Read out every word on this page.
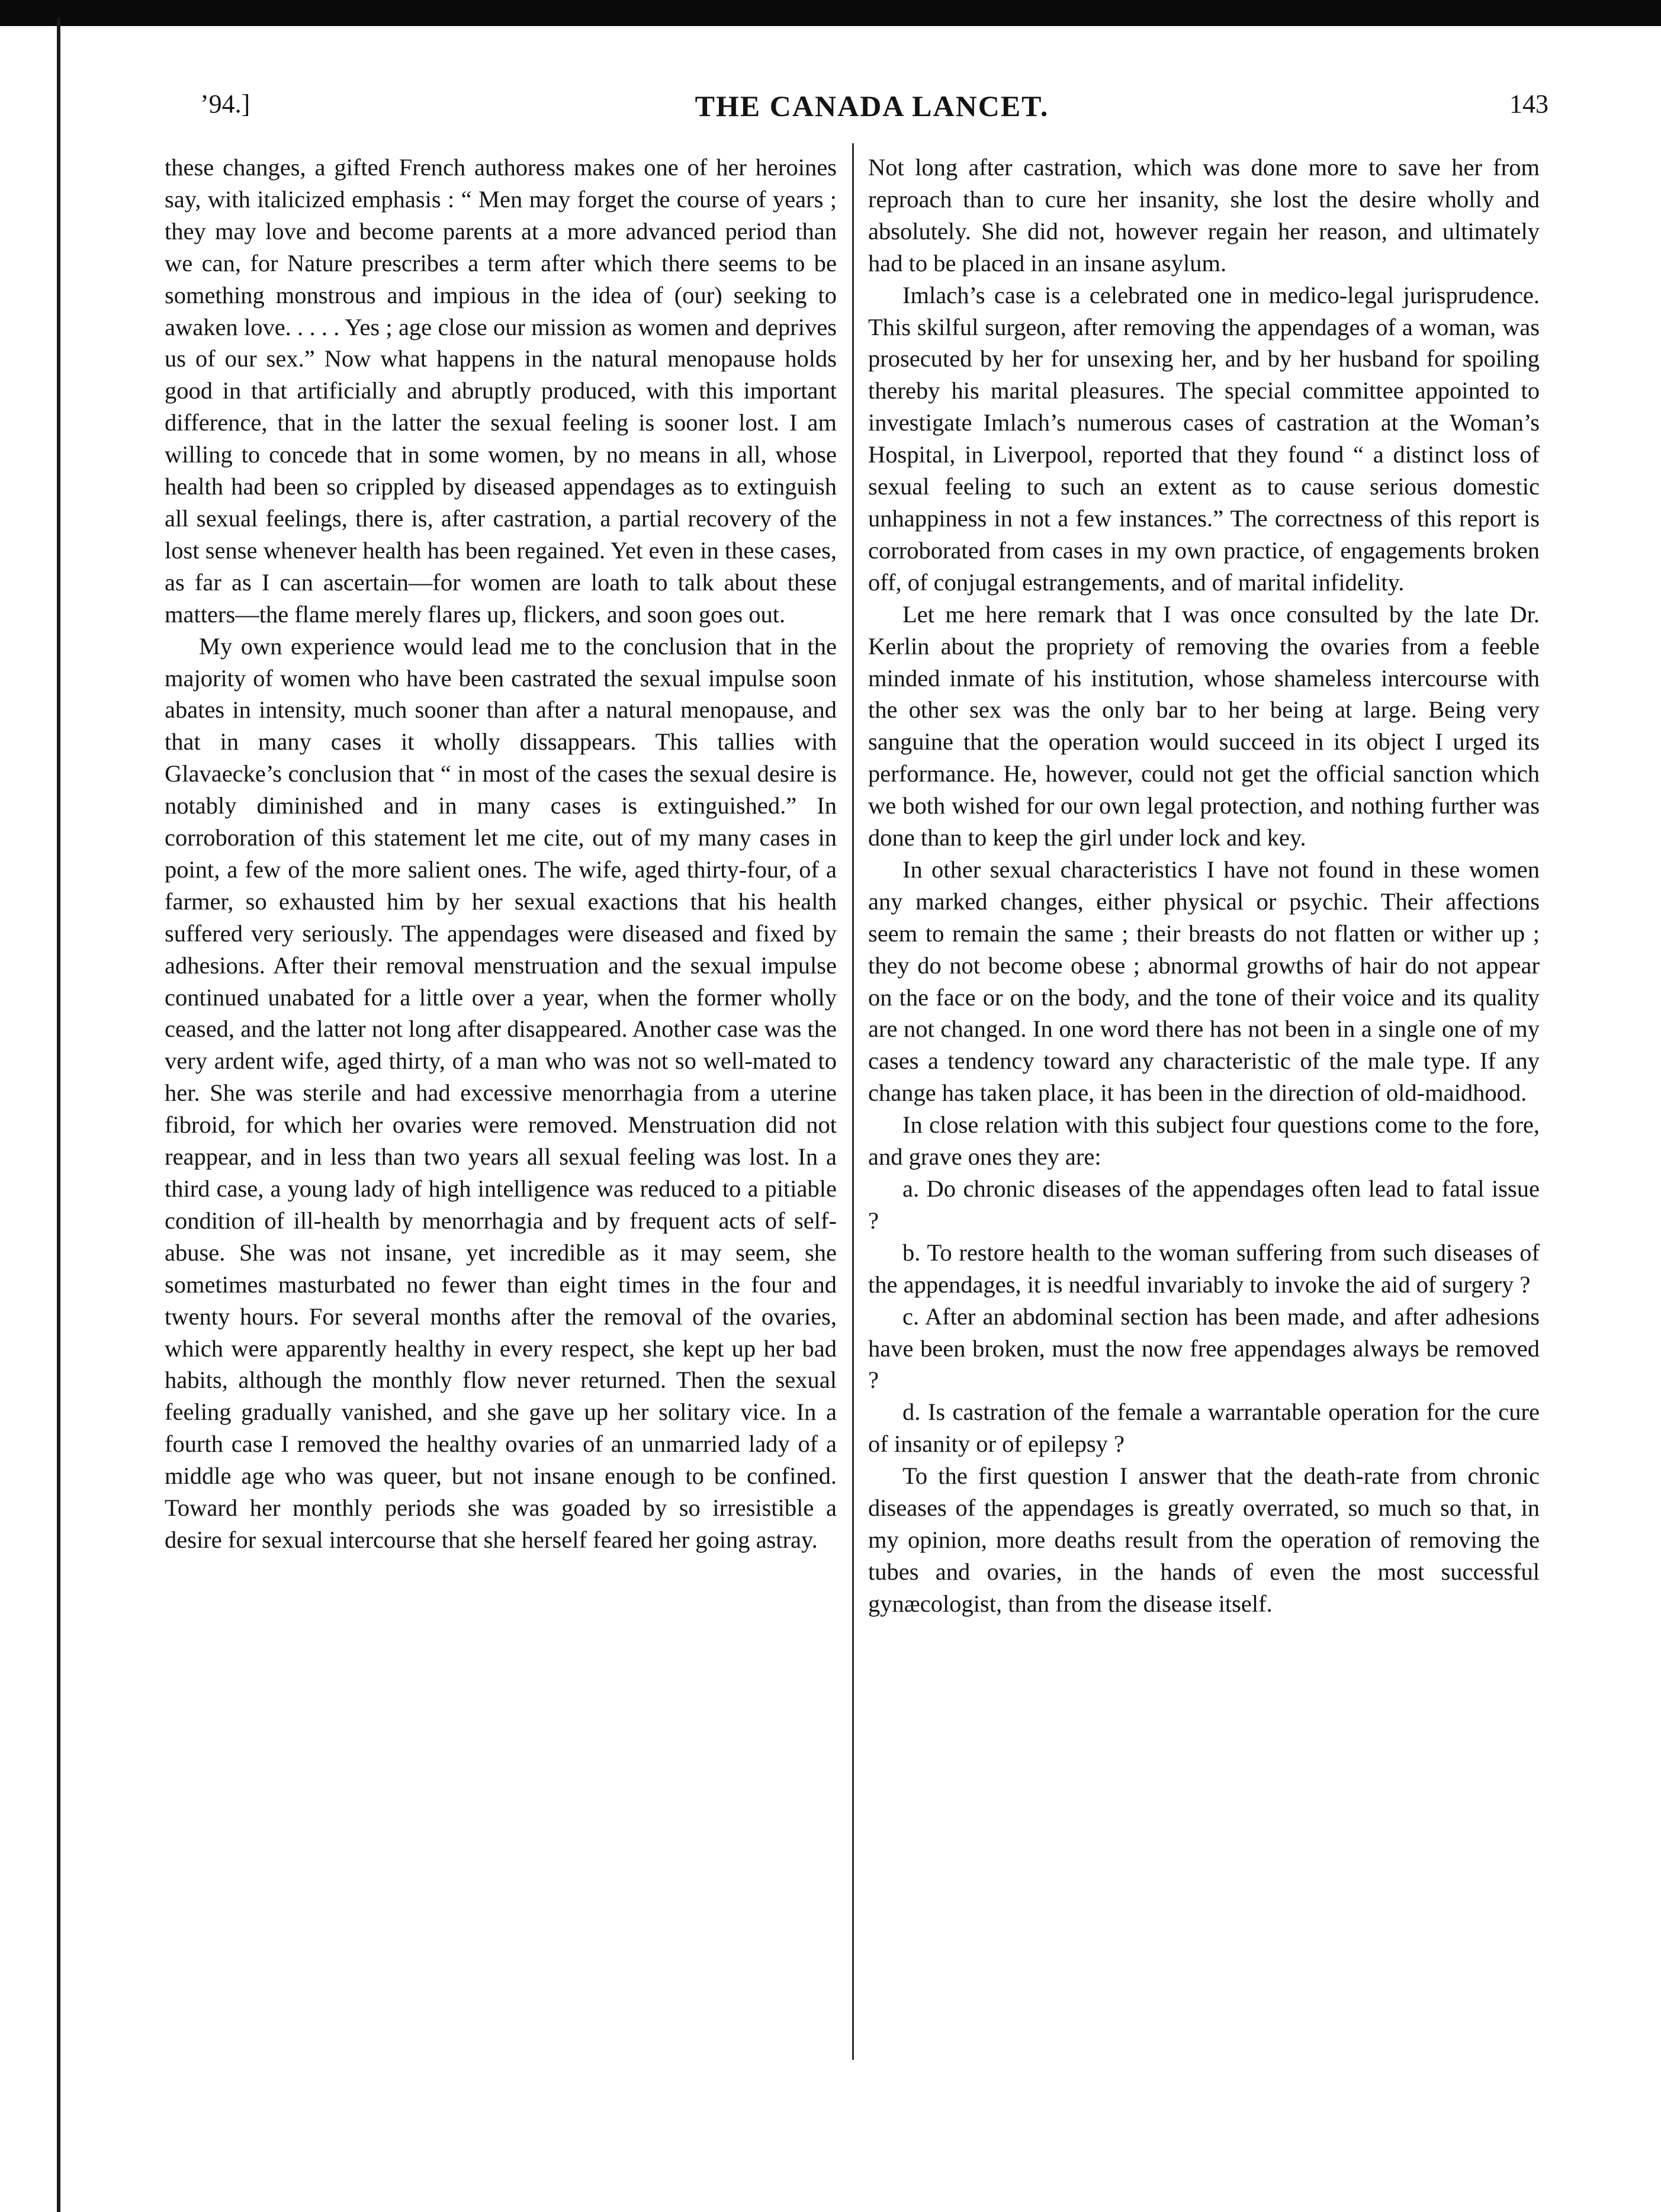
’94.]	THE CANADA LANCET.	143

these changes, a gifted French authoress makes one of her heroines say, with italicized emphasis : “ Men may forget the course of years ; they may love and become parents at a more advanced period than we can, for Nature prescribes a term after which there seems to be something monstrous and impious in the idea of (our) seeking to awaken love. . . . . Yes ; age close our mission as women and deprives us of our sex.” Now what happens in the natural menopause holds good in that artificially and abruptly produced, with this important difference, that in the latter the sexual feeling is sooner lost. I am willing to concede that in some women, by no means in all, whose health had been so crippled by diseased appendages as to extinguish all sexual feelings, there is, after castration, a partial recovery of the lost sense whenever health has been regained. Yet even in these cases, as far as I can ascertain—for women are loath to talk about these matters—the flame merely flares up, flickers, and soon goes out.

My own experience would lead me to the conclusion that in the majority of women who have been castrated the sexual impulse soon abates in intensity, much sooner than after a natural menopause, and that in many cases it wholly dissappears. This tallies with Glavaecke’s conclusion that “ in most of the cases the sexual desire is notably diminished and in many cases is extinguished.” In corroboration of this statement let me cite, out of my many cases in point, a few of the more salient ones. The wife, aged thirty-four, of a farmer, so exhausted him by her sexual exactions that his health suffered very seriously. The appendages were diseased and fixed by adhesions. After their removal menstruation and the sexual impulse continued unabated for a little over a year, when the former wholly ceased, and the latter not long after disappeared. Another case was the very ardent wife, aged thirty, of a man who was not so well-mated to her. She was sterile and had excessive menorrhagia from a uterine fibroid, for which her ovaries were removed. Menstruation did not reappear, and in less than two years all sexual feeling was lost. In a third case, a young lady of high intelligence was reduced to a pitiable condition of ill-health by menorrhagia and by frequent acts of self-abuse. She was not insane, yet incredible as it may seem, she sometimes masturbated no fewer than eight times in the four and twenty hours. For several months after the removal of the ovaries, which were apparently healthy in every respect, she kept up her bad habits, although the monthly flow never returned. Then the sexual feeling gradually vanished, and she gave up her solitary vice. In a fourth case I removed the healthy ovaries of an unmarried lady of a middle age who was queer, but not insane enough to be confined. Toward her monthly periods she was goaded by so irresistible a desire for sexual intercourse that she herself feared her going astray.

Not long after castration, which was done more to save her from reproach than to cure her insanity, she lost the desire wholly and absolutely. She did not, however regain her reason, and ultimately had to be placed in an insane asylum.

Imlach’s case is a celebrated one in medico-legal jurisprudence. This skilful surgeon, after removing the appendages of a woman, was prosecuted by her for unsexing her, and by her husband for spoiling thereby his marital pleasures. The special committee appointed to investigate Imlach’s numerous cases of castration at the Woman’s Hospital, in Liverpool, reported that they found “ a distinct loss of sexual feeling to such an extent as to cause serious domestic unhappiness in not a few instances.” The correctness of this report is corroborated from cases in my own practice, of engagements broken off, of conjugal estrangements, and of marital infidelity.

Let me here remark that I was once consulted by the late Dr. Kerlin about the propriety of removing the ovaries from a feeble minded inmate of his institution, whose shameless intercourse with the other sex was the only bar to her being at large. Being very sanguine that the operation would succeed in its object I urged its performance. He, however, could not get the official sanction which we both wished for our own legal protection, and nothing further was done than to keep the girl under lock and key.

In other sexual characteristics I have not found in these women any marked changes, either physical or psychic. Their affections seem to remain the same ; their breasts do not flatten or wither up ; they do not become obese ; abnormal growths of hair do not appear on the face or on the body, and the tone of their voice and its quality are not changed. In one word there has not been in a single one of my cases a tendency toward any characteristic of the male type. If any change has taken place, it has been in the direction of old-maidhood.

In close relation with this subject four questions come to the fore, and grave ones they are:

a. Do chronic diseases of the appendages often lead to fatal issue ?

b. To restore health to the woman suffering from such diseases of the appendages, it is needful invariably to invoke the aid of surgery ?

c. After an abdominal section has been made, and after adhesions have been broken, must the now free appendages always be removed ?

d. Is castration of the female a warrantable operation for the cure of insanity or of epilepsy ?

To the first question I answer that the death-rate from chronic diseases of the appendages is greatly overrated, so much so that, in my opinion, more deaths result from the operation of removing the tubes and ovaries, in the hands of even the most successful gynæcologist, than from the disease itself.
